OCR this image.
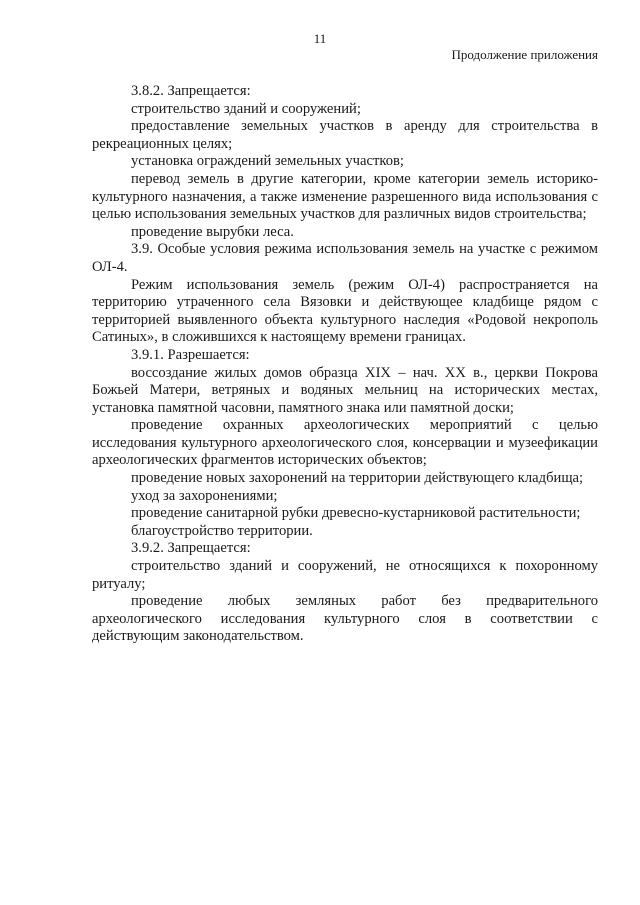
11
Продолжение приложения

3.8.2. Запрещается:

строительство зданий и сооружений;

предоставление земельных участков в аренду для строительства в рекреационных целях;

установка ограждений земельных участков;

перевод земель в другие категории, кроме категории земель историко-культурного назначения, а также изменение разрешенного вида использования с целью использования земельных участков для различных видов строительства;

проведение вырубки леса.

3.9. Особые условия режима использования земель на участке с режимом ОЛ-4.

Режим использования земель (режим ОЛ-4) распространяется на территорию утраченного села Вязовки и действующее кладбище рядом с территорией выявленного объекта культурного наследия «Родовой некрополь Сатиных», в сложившихся к настоящему времени границах.

3.9.1. Разрешается:

воссоздание жилых домов образца XIX – нач. XX в., церкви Покрова Божьей Матери, ветряных и водяных мельниц на исторических местах, установка памятной часовни, памятного знака или памятной доски;

проведение охранных археологических мероприятий с целью исследования культурного археологического слоя, консервации и музеефикации археологических фрагментов исторических объектов;

проведение новых захоронений на территории действующего кладбища;

уход за захоронениями;

проведение санитарной рубки древесно-кустарниковой растительности;

благоустройство территории.

3.9.2. Запрещается:

строительство зданий и сооружений, не относящихся к похоронному ритуалу;

проведение любых земляных работ без предварительного археологического исследования культурного слоя в соответствии с действующим законодательством.
